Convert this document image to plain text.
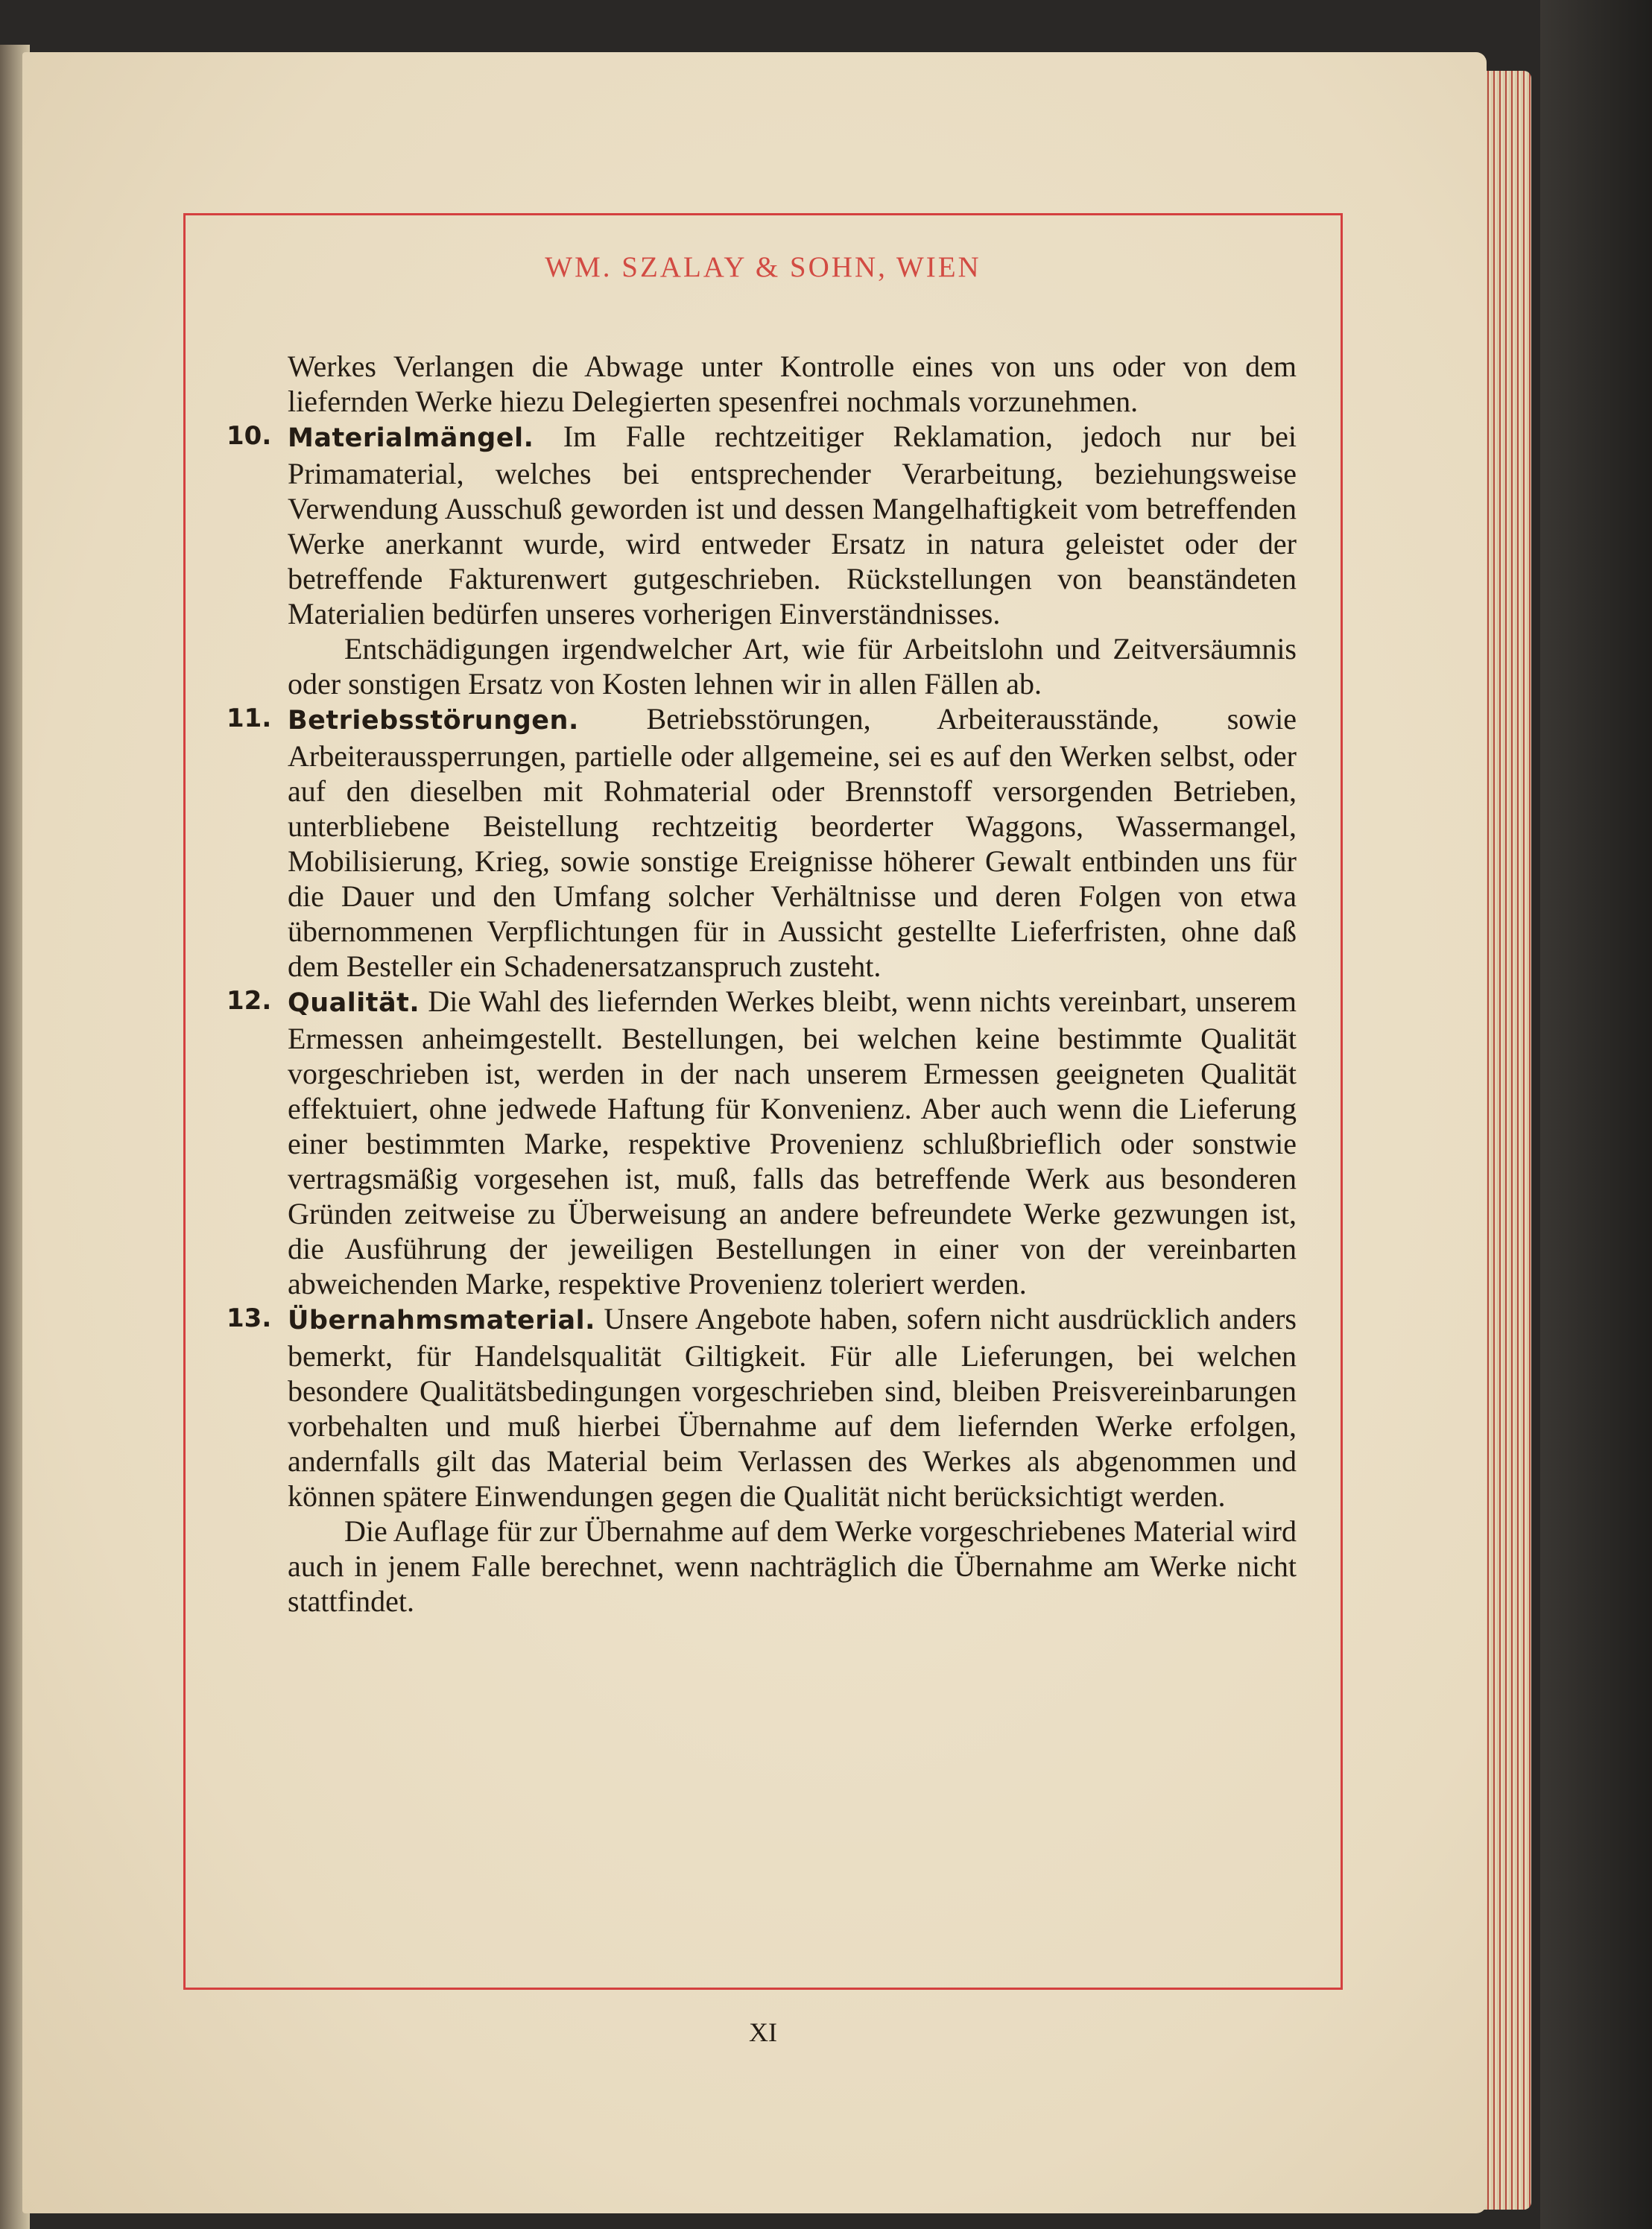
WM. SZALAY & SOHN, WIEN

Werkes Verlangen die Abwage unter Kontrolle eines von uns oder von dem liefernden Werke hiezu Delegierten spesenfrei nochmals vorzunehmen.

10. Materialmängel. Im Falle rechtzeitiger Reklamation, jedoch nur bei Primamaterial, welches bei entsprechender Verarbeitung, beziehungsweise Verwendung Ausschuß geworden ist und dessen Mangelhaftigkeit vom betreffenden Werke anerkannt wurde, wird entweder Ersatz in natura geleistet oder der betreffende Fakturenwert gutgeschrieben. Rückstellungen von beanständeten Materialien bedürfen unseres vorherigen Einverständnisses.

Entschädigungen irgendwelcher Art, wie für Arbeitslohn und Zeitversäumnis oder sonstigen Ersatz von Kosten lehnen wir in allen Fällen ab.

11. Betriebsstörungen. Betriebsstörungen, Arbeiterausstände, sowie Arbeiteraussperrungen, partielle oder allgemeine, sei es auf den Werken selbst, oder auf den dieselben mit Rohmaterial oder Brennstoff versorgenden Betrieben, unterbliebene Beistellung rechtzeitig beorderter Waggons, Wassermangel, Mobilisierung, Krieg, sowie sonstige Ereignisse höherer Gewalt entbinden uns für die Dauer und den Umfang solcher Verhältnisse und deren Folgen von etwa übernommenen Verpflichtungen für in Aussicht gestellte Lieferfristen, ohne daß dem Besteller ein Schadenersatzanspruch zusteht.

12. Qualität. Die Wahl des liefernden Werkes bleibt, wenn nichts vereinbart, unserem Ermessen anheimgestellt. Bestellungen, bei welchen keine bestimmte Qualität vorgeschrieben ist, werden in der nach unserem Ermessen geeigneten Qualität effektuiert, ohne jedwede Haftung für Konvenienz. Aber auch wenn die Lieferung einer bestimmten Marke, respektive Provenienz schlußbrieflich oder sonstwie vertragsmäßig vorgesehen ist, muß, falls das betreffende Werk aus besonderen Gründen zeitweise zu Überweisung an andere befreundete Werke gezwungen ist, die Ausführung der jeweiligen Bestellungen in einer von der vereinbarten abweichenden Marke, respektive Provenienz toleriert werden.

13. Übernahmsmaterial. Unsere Angebote haben, sofern nicht ausdrücklich anders bemerkt, für Handelsqualität Giltigkeit. Für alle Lieferungen, bei welchen besondere Qualitätsbedingungen vorgeschrieben sind, bleiben Preisvereinbarungen vorbehalten und muß hierbei Übernahme auf dem liefernden Werke erfolgen, andernfalls gilt das Material beim Verlassen des Werkes als abgenommen und können spätere Einwendungen gegen die Qualität nicht berücksichtigt werden.

Die Auflage für zur Übernahme auf dem Werke vorgeschriebenes Material wird auch in jenem Falle berechnet, wenn nachträglich die Übernahme am Werke nicht stattfindet.

XI
